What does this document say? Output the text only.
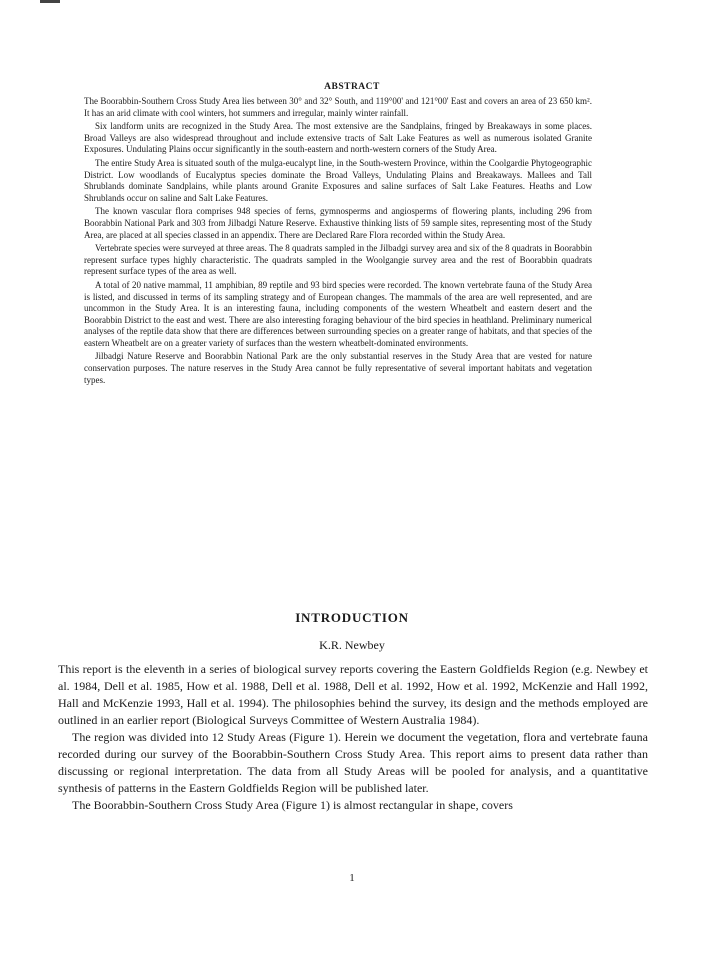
ABSTRACT

The Boorabbin-Southern Cross Study Area lies between 30° and 32° South, and 119°00' and 121°00' East and covers an area of 23 650 km². It has an arid climate with cool winters, hot summers and irregular, mainly winter rainfall.

Six landform units are recognized in the Study Area. The most extensive are the Sandplains, fringed by Breakaways in some places. Broad Valleys are also widespread throughout and include extensive tracts of Salt Lake Features as well as numerous isolated Granite Exposures. Undulating Plains occur significantly in the south-eastern and north-western corners of the Study Area.

The entire Study Area is situated south of the mulga-eucalypt line, in the South-western Province, within the Coolgardie Phytogeographic District. Low woodlands of Eucalyptus species dominate the Broad Valleys, Undulating Plains and Breakaways. Mallees and Tall Shrublands dominate Sandplains, while plants around Granite Exposures and saline surfaces of Salt Lake Features. Heaths and Low Shrublands occur on saline and Salt Lake Features.

The known vascular flora comprises 948 species of ferns, gymnosperms and angiosperms of flowering plants, including 296 from Boorabbin National Park and 303 from Jilbadgi Nature Reserve. Exhaustive thinking lists of 59 sample sites, representing most of the Study Area, are placed at all species classed in an appendix. There are Declared Rare Flora recorded within the Study Area.

Vertebrate species were surveyed at three areas. The 8 quadrats sampled in the Jilbadgi survey area and six of the 8 quadrats in Boorabbin represent surface types highly characteristic. The quadrats sampled in the Woolgangie survey area and the rest of Boorabbin quadrats represent surface types of the area as well.

A total of 20 native mammal, 11 amphibian, 89 reptile and 93 bird species were recorded. The known vertebrate fauna of the Study Area is listed, and discussed in terms of its sampling strategy and of European changes. The mammals of the area are well represented, and are uncommon in the Study Area. It is an interesting fauna, including components of the western Wheatbelt and eastern desert and the Boorabbin District to the east and west. There are also interesting foraging behaviour of the bird species in heathland. Preliminary numerical analyses of the reptile data show that there are differences between surrounding species on a greater range of habitats, and that species of the eastern Wheatbelt are on a greater variety of surfaces than the western wheatbelt-dominated environments.

Jilbadgi Nature Reserve and Boorabbin National Park are the only substantial reserves in the Study Area that are vested for nature conservation purposes. The nature reserves in the Study Area cannot be fully representative of several important habitats and vegetation types.

INTRODUCTION
K.R. Newbey

This report is the eleventh in a series of biological survey reports covering the Eastern Goldfields Region (e.g. Newbey et al. 1984, Dell et al. 1985, How et al. 1988, Dell et al. 1988, Dell et al. 1992, How et al. 1992, McKenzie and Hall 1992, Hall and McKenzie 1993, Hall et al. 1994). The philosophies behind the survey, its design and the methods employed are outlined in an earlier report (Biological Surveys Committee of Western Australia 1984).

The region was divided into 12 Study Areas (Figure 1). Herein we document the vegetation, flora and vertebrate fauna recorded during our survey of the Boorabbin-Southern Cross Study Area. This report aims to present data rather than discussing or regional interpretation. The data from all Study Areas will be pooled for analysis, and a quantitative synthesis of patterns in the Eastern Goldfields Region will be published later.

The Boorabbin-Southern Cross Study Area (Figure 1) is almost rectangular in shape, covers

1
